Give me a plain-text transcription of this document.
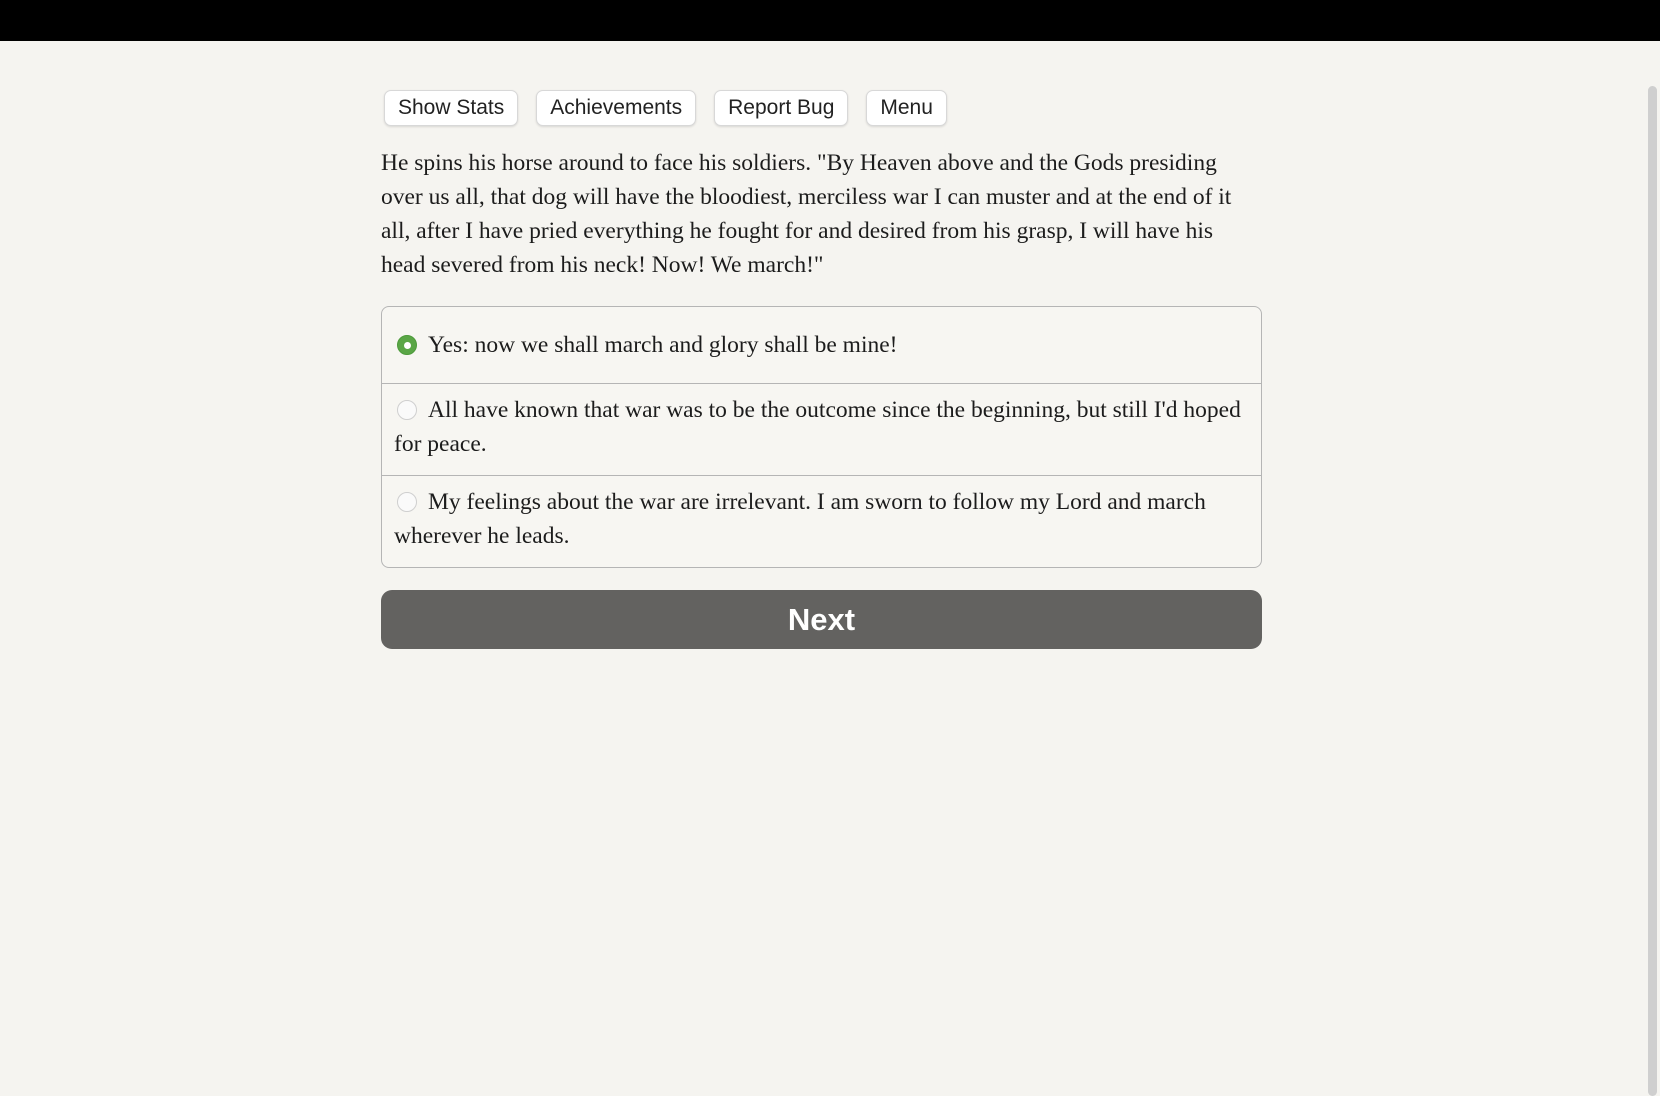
Show Stats	Achievements	Report Bug	Menu

He spins his horse around to face his soldiers. "By Heaven above and the Gods presiding over us all, that dog will have the bloodiest, merciless war I can muster and at the end of it all, after I have pried everything he fought for and desired from his grasp, I will have his head severed from his neck! Now! We march!"

Yes: now we shall march and glory shall be mine!
All have known that war was to be the outcome since the beginning, but still I'd hoped for peace.
My feelings about the war are irrelevant. I am sworn to follow my Lord and march wherever he leads.
Next
